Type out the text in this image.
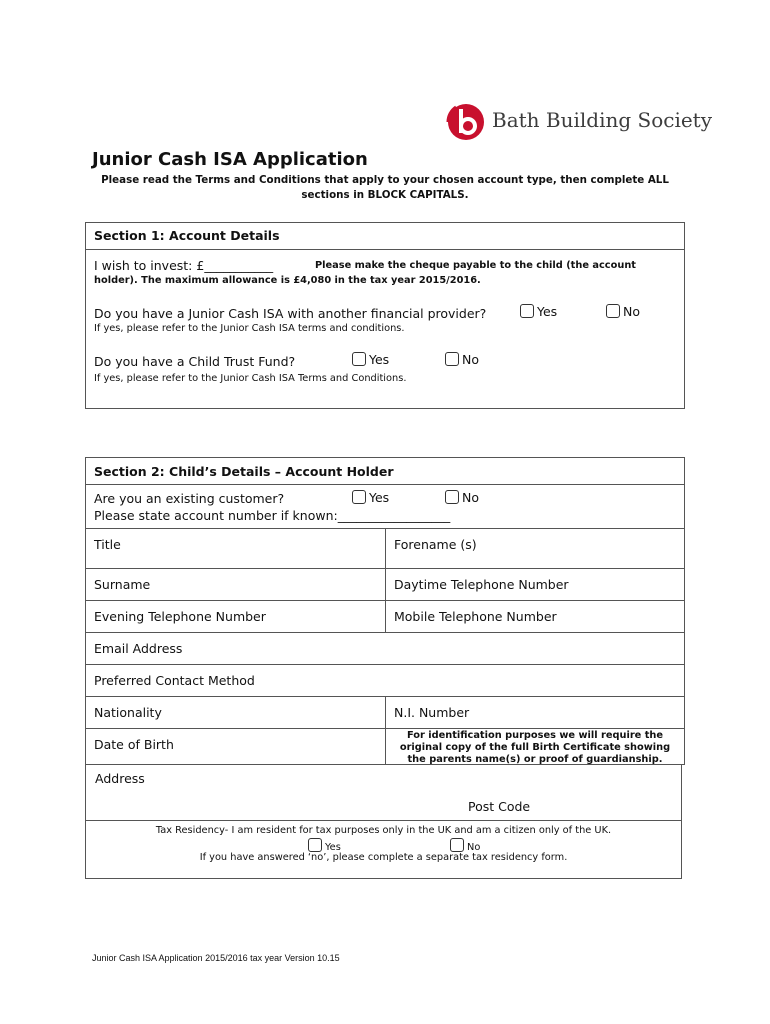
Bath Building Society
Junior Cash ISA Application
Please read the Terms and Conditions that apply to your chosen account type, then complete ALL sections in BLOCK CAPITALS.
Section 1: Account Details
I wish to invest: £___________	Please make the cheque payable to the child (the account
holder). The maximum allowance is £4,080 in the tax year 2015/2016.
Do you have a Junior Cash ISA with another financial provider?	Yes	No
If yes, please refer to the Junior Cash ISA terms and conditions.
Do you have a Child Trust Fund?	Yes	No
If yes, please refer to the Junior Cash ISA Terms and Conditions.
Section 2: Child’s Details – Account Holder
Are you an existing customer?	Yes	No
Please state account number if known:__________________
Title	Forename (s)
Surname	Daytime Telephone Number
Evening Telephone Number	Mobile Telephone Number
Email Address
Preferred Contact Method
Nationality	N.I. Number
Date of Birth
For identification purposes we will require the original copy of the full Birth Certificate showing the parents name(s) or proof of guardianship.
Address
Post Code
Tax Residency- I am resident for tax purposes only in the UK and am a citizen only of the UK.
Yes	No
If you have answered ‘no’, please complete a separate tax residency form.
Junior Cash ISA Application 2015/2016 tax year Version 10.15
